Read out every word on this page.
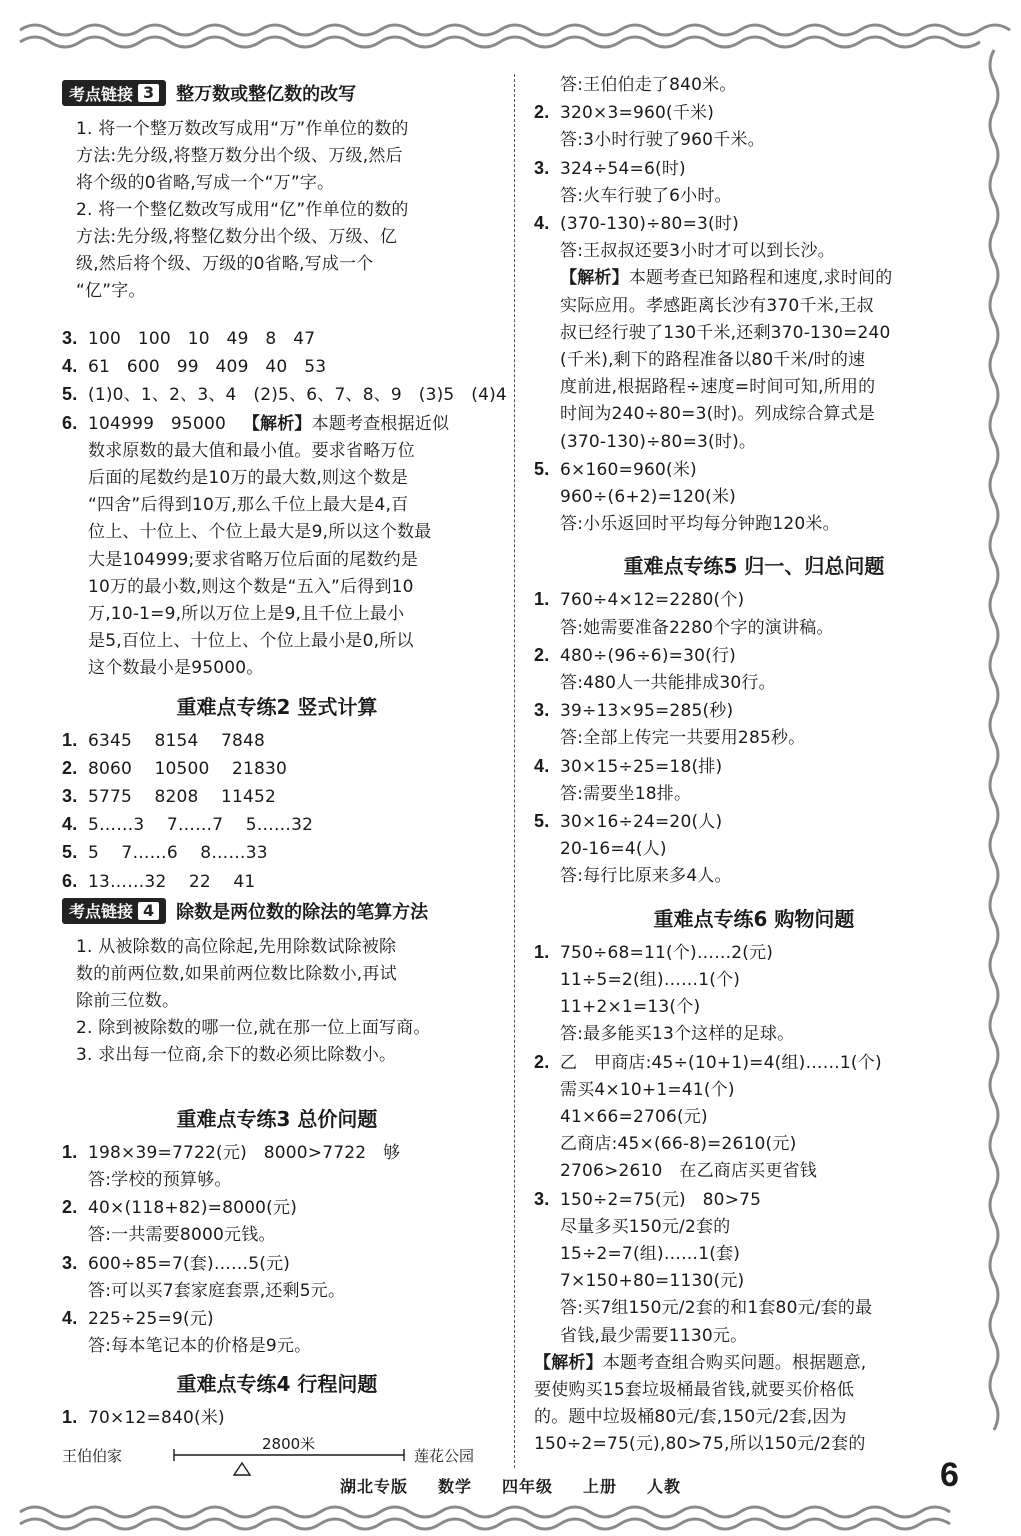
考点链接 3 整万数或整亿数的改写
1. 将一个整万数改写成用“万”作单位的数的
方法:先分级,将整万数分出个级、万级,然后
将个级的0省略,写成一个“万”字。
2. 将一个整亿数改写成用“亿”作单位的数的
方法:先分级,将整亿数分出个级、万级、亿
级,然后将个级、万级的0省略,写成一个
“亿”字。
3. 100   100   10   49   8   47
4. 61   600   99   409   40   53
5. (1)0、1、2、3、4   (2)5、6、7、8、9   (3)5   (4)4
6. 104999   95000   【解析】本题考查根据近似
数求原数的最大值和最小值。要求省略万位
后面的尾数约是10万的最大数,则这个数是
“四舍”后得到10万,那么千位上最大是4,百
位上、十位上、个位上最大是9,所以这个数最
大是104999;要求省略万位后面的尾数约是
10万的最小数,则这个数是“五入”后得到10
万,10-1=9,所以万位上是9,且千位上最小
是5,百位上、十位上、个位上最小是0,所以
这个数最小是95000。
重难点专练2 竖式计算
1. 6345    8154    7848
2. 8060    10500    21830
3. 5775    8208    11452
4. 5……3    7……7    5……32
5. 5    7……6    8……33
6. 13……32    22    41
考点链接 4 除数是两位数的除法的笔算方法
1. 从被除数的高位除起,先用除数试除被除
数的前两位数,如果前两位数比除数小,再试
除前三位数。
2. 除到被除数的哪一位,就在那一位上面写商。
3. 求出每一位商,余下的数必须比除数小。
重难点专练3 总价问题
1. 198×39=7722(元)   8000>7722   够
答:学校的预算够。
2. 40×(118+82)=8000(元)
答:一共需要8000元钱。
3. 600÷85=7(套)……5(元)
答:可以买7套家庭套票,还剩5元。
4. 225÷25=9(元)
答:每本笔记本的价格是9元。
重难点专练4 行程问题
1. 70×12=840(米)
王伯伯家
2800米
莲花公园
答:王伯伯走了840米。
2. 320×3=960(千米)
答:3小时行驶了960千米。
3. 324÷54=6(时)
答:火车行驶了6小时。
4. (370-130)÷80=3(时)
答:王叔叔还要3小时才可以到长沙。
【解析】本题考查已知路程和速度,求时间的
实际应用。孝感距离长沙有370千米,王叔
叔已经行驶了130千米,还剩370-130=240
(千米),剩下的路程准备以80千米/时的速
度前进,根据路程÷速度=时间可知,所用的
时间为240÷80=3(时)。列成综合算式是
(370-130)÷80=3(时)。
5. 6×160=960(米)
960÷(6+2)=120(米)
答:小乐返回时平均每分钟跑120米。
重难点专练5 归一、归总问题
1. 760÷4×12=2280(个)
答:她需要准备2280个字的演讲稿。
2. 480÷(96÷6)=30(行)
答:480人一共能排成30行。
3. 39÷13×95=285(秒)
答:全部上传完一共要用285秒。
4. 30×15÷25=18(排)
答:需要坐18排。
5. 30×16÷24=20(人)
20-16=4(人)
答:每行比原来多4人。
重难点专练6 购物问题
1. 750÷68=11(个)……2(元)
11÷5=2(组)……1(个)
11+2×1=13(个)
答:最多能买13个这样的足球。
2. 乙   甲商店:45÷(10+1)=4(组)……1(个)
需买4×10+1=41(个)
41×66=2706(元)
乙商店:45×(66-8)=2610(元)
2706>2610   在乙商店买更省钱
3. 150÷2=75(元)   80>75
尽量多买150元/2套的
15÷2=7(组)……1(套)
7×150+80=1130(元)
答:买7组150元/2套的和1套80元/套的最
省钱,最少需要1130元。
【解析】本题考查组合购买问题。根据题意,
要使购买15套垃圾桶最省钱,就要买价格低
的。题中垃圾桶80元/套,150元/2套,因为
150÷2=75(元),80>75,所以150元/2套的
湖北专版 数学 四年级 上册 人教	6
